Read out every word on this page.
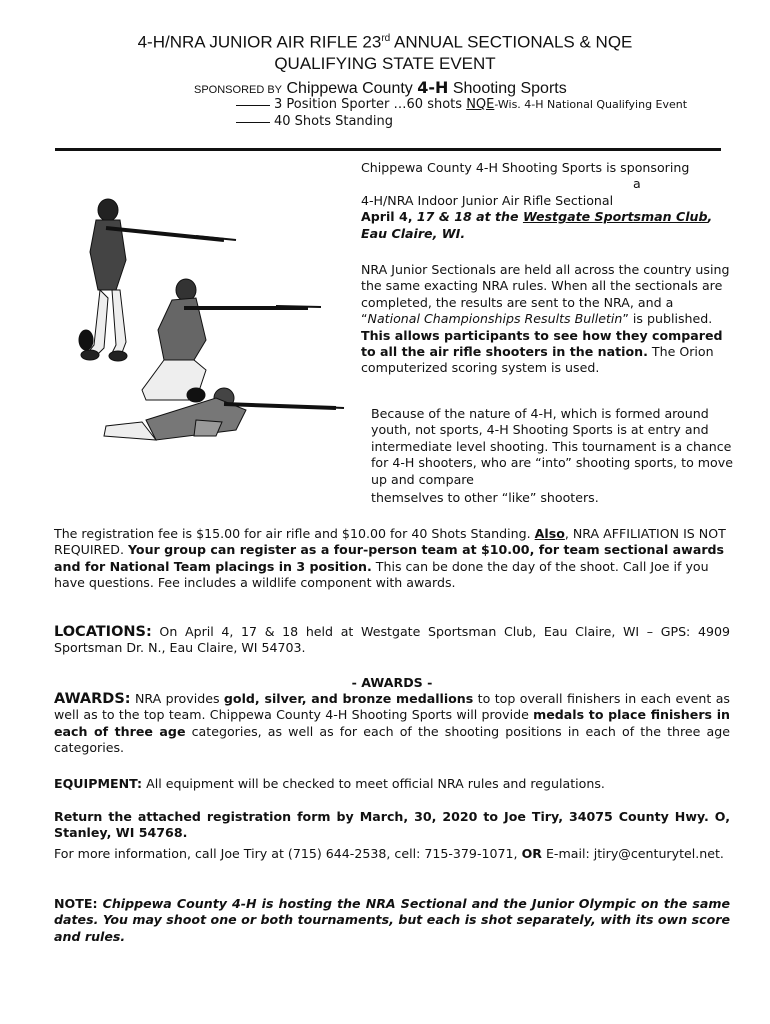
4-H/NRA JUNIOR AIR RIFLE 23rd ANNUAL SECTIONALS & NQE
QUALIFYING STATE EVENT
SPONSORED BY Chippewa County 4-H Shooting Sports
3 Position Sporter …60 shots NQE-Wis. 4-H National Qualifying Event
40 Shots Standing
Chippewa County 4-H Shooting Sports is sponsoring
a
4-H/NRA Indoor Junior Air Rifle Sectional
April 4, 17 & 18 at the Westgate Sportsman Club, Eau Claire, WI.
NRA Junior Sectionals are held all across the country using the same exacting NRA rules. When all the sectionals are completed, the results are sent to the NRA, and a “National Championships Results Bulletin” is published. This allows participants to see how they compared to all the air rifle shooters in the nation. The Orion computerized scoring system is used.
Because of the nature of 4-H, which is formed around youth, not sports, 4-H Shooting Sports is at entry and intermediate level shooting. This tournament is a chance for 4-H shooters, who are “into” shooting sports, to move up and compare
themselves to other “like” shooters.
The registration fee is $15.00 for air rifle and $10.00 for 40 Shots Standing. Also, NRA AFFILIATION IS NOT REQUIRED. Your group can register as a four-person team at $10.00, for team sectional awards and for National Team placings in 3 position. This can be done the day of the shoot. Call Joe if you have questions. Fee includes a wildlife component with awards.
LOCATIONS: On April 4, 17 & 18 held at Westgate Sportsman Club, Eau Claire, WI – GPS: 4909 Sportsman Dr. N., Eau Claire, WI 54703.
- AWARDS -
AWARDS: NRA provides gold, silver, and bronze medallions to top overall finishers in each event as well as to the top team. Chippewa County 4-H Shooting Sports will provide medals to place finishers in each of three age categories, as well as for each of the shooting positions in each of the three age categories.
EQUIPMENT: All equipment will be checked to meet official NRA rules and regulations.
Return the attached registration form by March, 30, 2020 to Joe Tiry, 34075 County Hwy. O, Stanley, WI 54768.
For more information, call Joe Tiry at (715) 644-2538, cell: 715-379-1071, OR E-mail: jtiry@centurytel.net.
NOTE: Chippewa County 4-H is hosting the NRA Sectional and the Junior Olympic on the same dates. You may shoot one or both tournaments, but each is shot separately, with its own score and rules.
